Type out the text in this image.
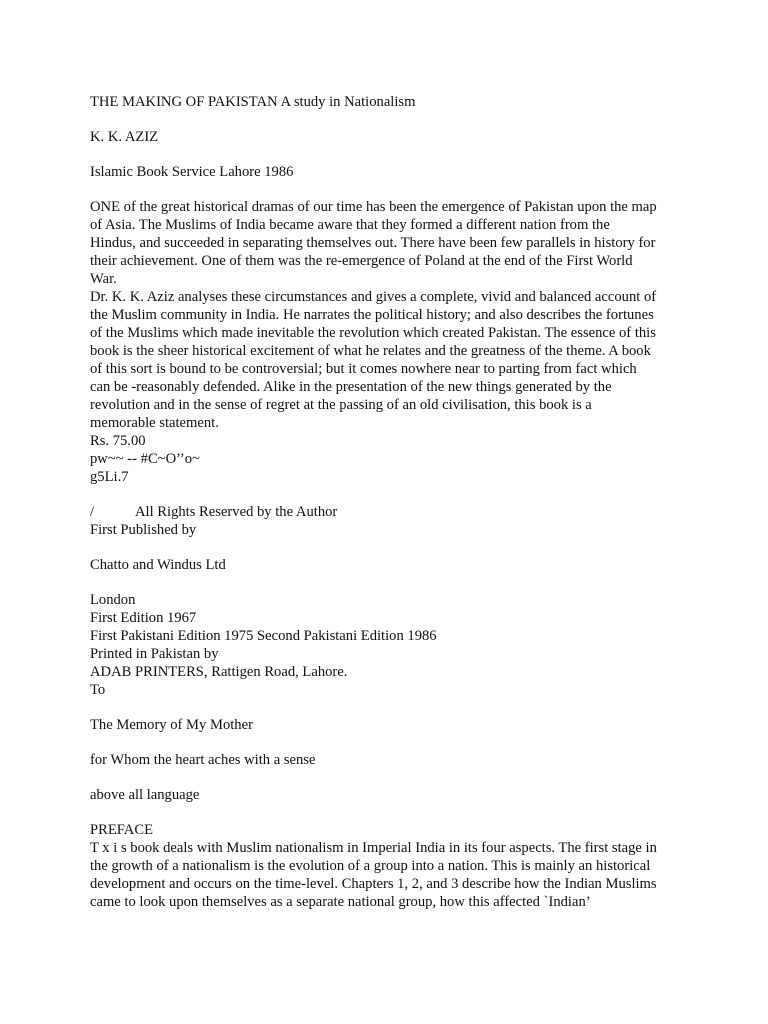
THE MAKING OF PAKISTAN A study in Nationalism
K. K. AZIZ
Islamic Book Service Lahore 1986
ONE of the great historical dramas of our time has been the emergence of Pakistan upon the map
of Asia. The Muslims of India became aware that they formed a different nation from the
Hindus, and succeeded in separating themselves out. There have been few parallels in history for
their achievement. One of them was the re-emergence of Poland at the end of the First World
War.
Dr. K. K. Aziz analyses these circumstances and gives a complete, vivid and balanced account of
the Muslim community in India. He narrates the political history; and also describes the fortunes
of the Muslims which made inevitable the revolution which created Pakistan. The essence of this
book is the sheer historical excitement of what he relates and the greatness of the theme. A book
of this sort is bound to be controversial; but it comes nowhere near to parting from fact which
can be -reasonably defended. Alike in the presentation of the new things generated by the
revolution and in the sense of regret at the passing of an old civilisation, this book is a
memorable statement.
Rs. 75.00
pw~~ -- #C~O’’o~
g5Li.7
/	All Rights Reserved by the Author
First Published by
Chatto and Windus Ltd
London
First Edition 1967
First Pakistani Edition 1975 Second Pakistani Edition 1986
Printed in Pakistan by
ADAB PRINTERS, Rattigen Road, Lahore.
To
The Memory of My Mother
for Whom the heart aches with a sense
above all language
PREFACE
T x i s book deals with Muslim nationalism in Imperial India in its four aspects. The first stage in
the growth of a nationalism is the evolution of a group into a nation. This is mainly an historical
development and occurs on the time-level. Chapters 1, 2, and 3 describe how the Indian Muslims
came to look upon themselves as a separate national group, how this affected `Indian’
